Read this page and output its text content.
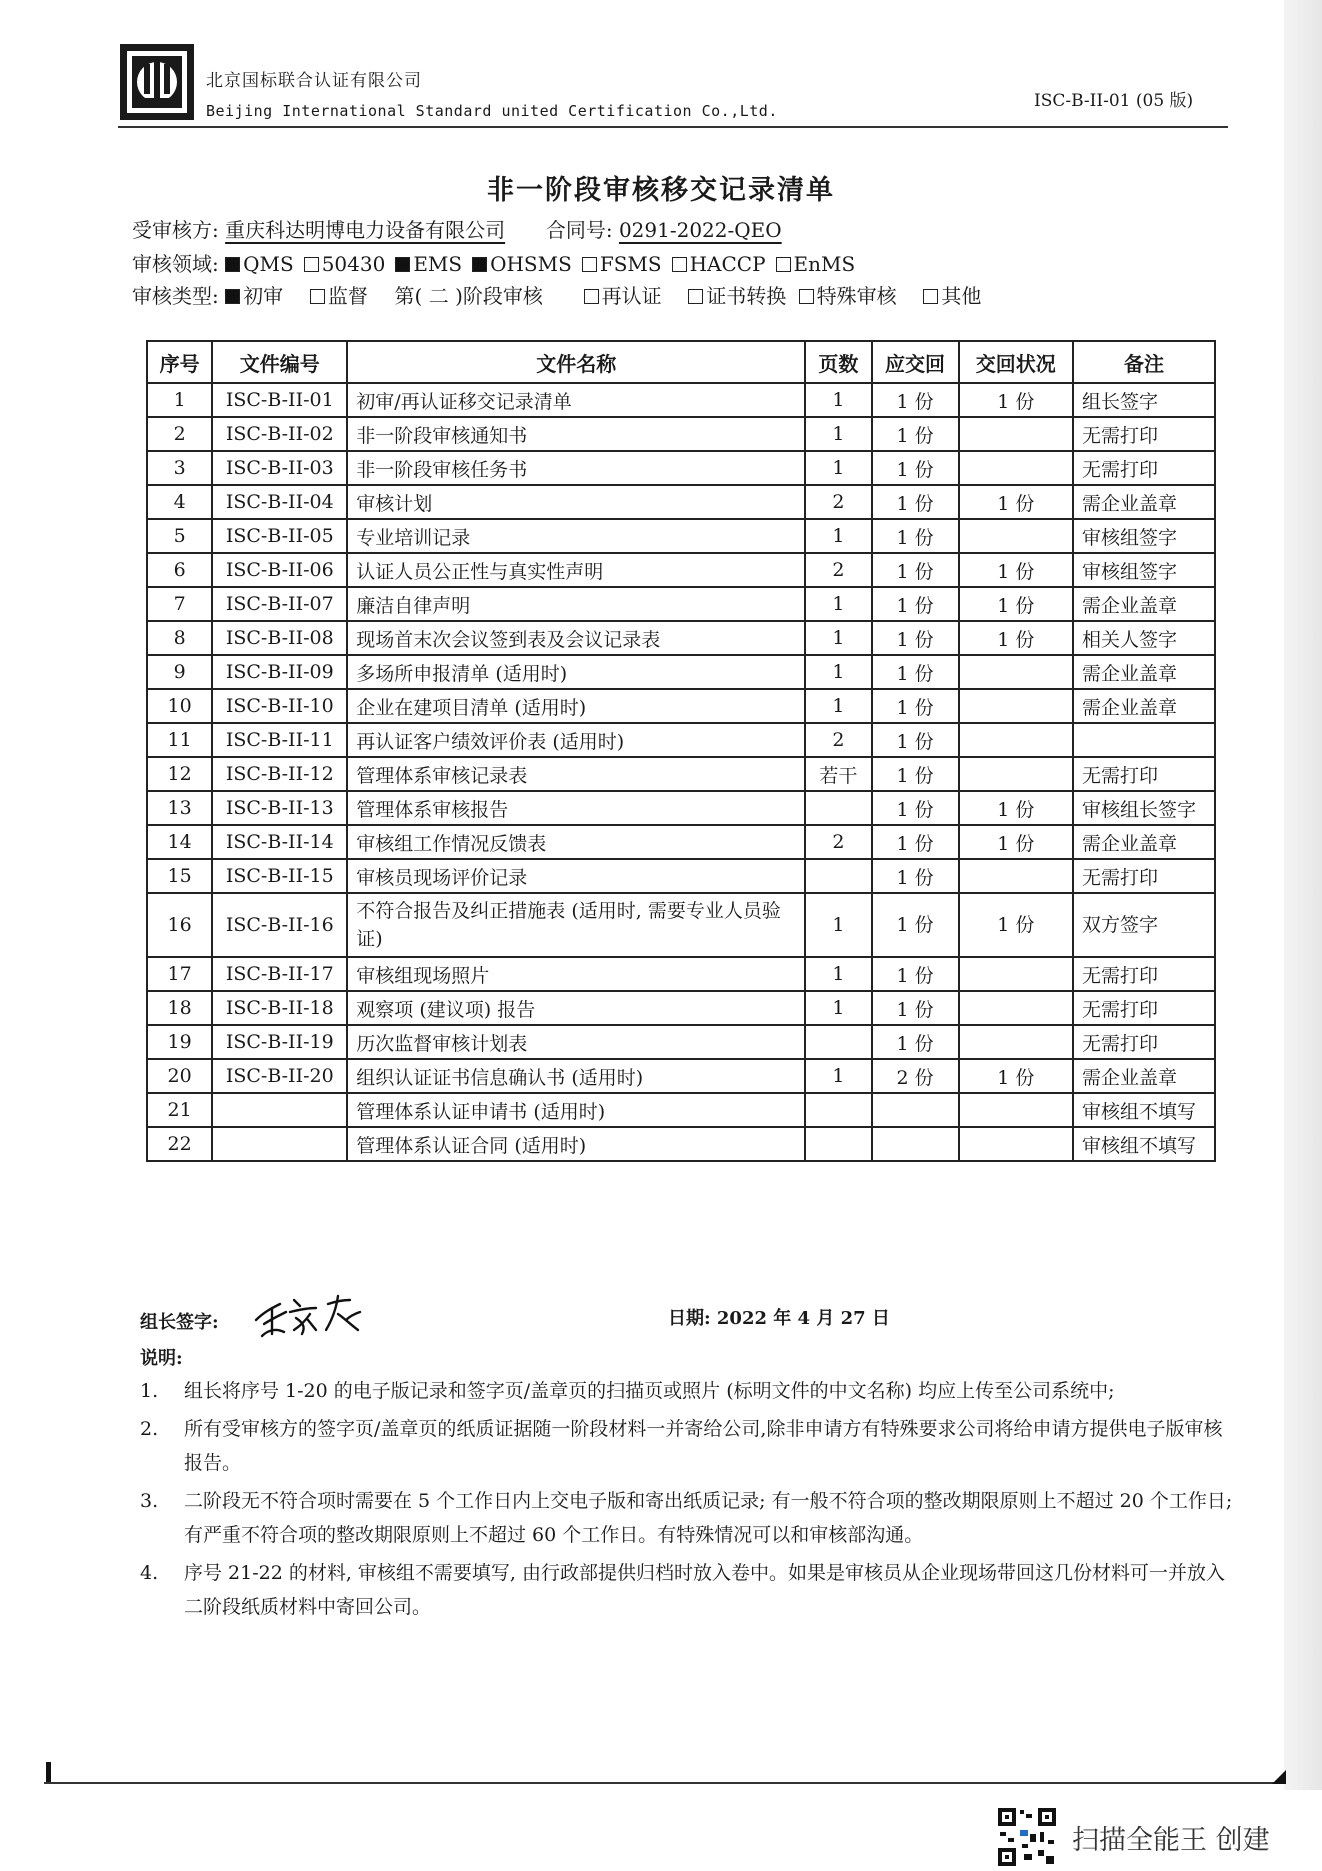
北京国标联合认证有限公司
Beijing International Standard united Certification Co.,Ltd.	ISC-B-II-01 (05 版)
非一阶段审核移交记录清单
受审核方: 重庆科达明博电力设备有限公司 合同号: 0291-2022-QEO
审核领域: QMS 50430 EMS OHSMS FSMS HACCP EnMS
审核类型: 初审 监督 第( 二 )阶段审核	再认证 证书转换 特殊审核 其他
序号	文件编号	文件名称	页数	应交回	交回状况	备注
1	ISC-B-II-01	初审/再认证移交记录清单	1	1 份	1 份	组长签字
2	ISC-B-II-02	非一阶段审核通知书	1	1 份		无需打印
3	ISC-B-II-03	非一阶段审核任务书	1	1 份		无需打印
4	ISC-B-II-04	审核计划	2	1 份	1 份	需企业盖章
5	ISC-B-II-05	专业培训记录	1	1 份		审核组签字
6	ISC-B-II-06	认证人员公正性与真实性声明	2	1 份	1 份	审核组签字
7	ISC-B-II-07	廉洁自律声明	1	1 份	1 份	需企业盖章
8	ISC-B-II-08	现场首末次会议签到表及会议记录表	1	1 份	1 份	相关人签字
9	ISC-B-II-09	多场所申报清单 (适用时)	1	1 份		需企业盖章
10	ISC-B-II-10	企业在建项目清单 (适用时)	1	1 份		需企业盖章
11	ISC-B-II-11	再认证客户绩效评价表 (适用时)	2	1 份		
12	ISC-B-II-12	管理体系审核记录表	若干	1 份		无需打印
13	ISC-B-II-13	管理体系审核报告		1 份	1 份	审核组长签字
14	ISC-B-II-14	审核组工作情况反馈表	2	1 份	1 份	需企业盖章
15	ISC-B-II-15	审核员现场评价记录		1 份		无需打印
16	ISC-B-II-16	不符合报告及纠正措施表 (适用时, 需要专业人员验证)	1	1 份	1 份	双方签字
17	ISC-B-II-17	审核组现场照片	1	1 份		无需打印
18	ISC-B-II-18	观察项 (建议项) 报告	1	1 份		无需打印
19	ISC-B-II-19	历次监督审核计划表		1 份		无需打印
20	ISC-B-II-20	组织认证证书信息确认书 (适用时)	1	2 份	1 份	需企业盖章
21		管理体系认证申请书 (适用时)				审核组不填写
22		管理体系认证合同 (适用时)				审核组不填写
组长签字:	日期: 2022 年 4 月 27 日
说明:
1.	组长将序号 1-20 的电子版记录和签字页/盖章页的扫描页或照片 (标明文件的中文名称) 均应上传至公司系统中;
2.	所有受审核方的签字页/盖章页的纸质证据随一阶段材料一并寄给公司,除非申请方有特殊要求公司将给申请方提供电子版审核报告。
3.	二阶段无不符合项时需要在 5 个工作日内上交电子版和寄出纸质记录; 有一般不符合项的整改期限原则上不超过 20 个工作日; 有严重不符合项的整改期限原则上不超过 60 个工作日。有特殊情况可以和审核部沟通。
4.	序号 21-22 的材料, 审核组不需要填写, 由行政部提供归档时放入卷中。如果是审核员从企业现场带回这几份材料可一并放入二阶段纸质材料中寄回公司。
扫描全能王 创建
